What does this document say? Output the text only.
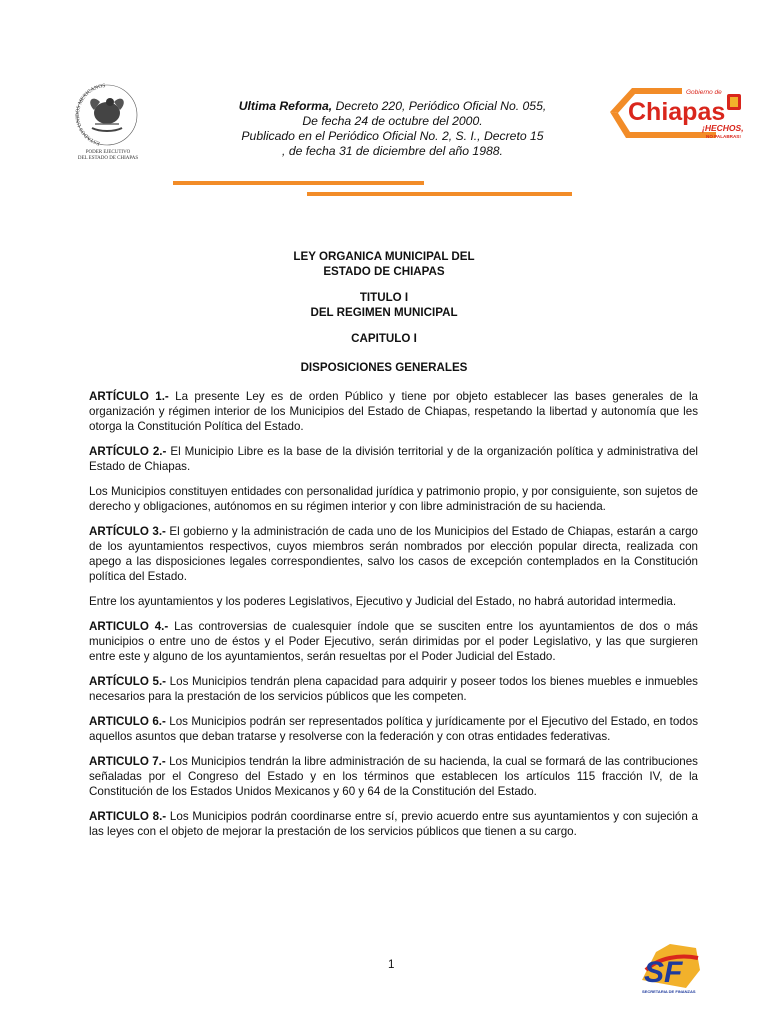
ESTADOS UNIDOS MEXICANOS
PODER EJECUTIVO
DEL ESTADO DE CHIAPAS
Ultima Reforma, Decreto 220, Periódico Oficial No. 055,
De fecha 24 de octubre del 2000.
Publicado en el Periódico Oficial No. 2, S. I., Decreto 15
, de fecha 31 de diciembre del año 1988.
Gobierno de
Chiapas
¡HECHOS,
NO PALABRAS!
LEY ORGANICA MUNICIPAL DEL
ESTADO DE CHIAPAS
TITULO I
DEL REGIMEN MUNICIPAL
CAPITULO I
DISPOSICIONES GENERALES

ARTÍCULO 1.- La presente Ley es de orden Público y tiene por objeto establecer las bases generales de la organización y régimen interior de los Municipios del Estado de Chiapas, respetando la libertad y autonomía que les otorga la Constitución Política del Estado.

ARTÍCULO 2.- El Municipio Libre es la base de la división territorial y de la organización política y administrativa del Estado de Chiapas.

Los Municipios constituyen entidades con personalidad jurídica y patrimonio propio, y por consiguiente, son sujetos de derecho y obligaciones, autónomos en su régimen interior y con libre administración de su hacienda.

ARTÍCULO 3.- El gobierno y la administración de cada uno de los Municipios del Estado de Chiapas, estarán a cargo de los ayuntamientos respectivos, cuyos miembros serán nombrados por elección popular directa, realizada con apego a las disposiciones legales correspondientes, salvo los casos de excepción contemplados en la Constitución política del Estado.

Entre los ayuntamientos y los poderes Legislativos, Ejecutivo y Judicial del Estado, no habrá autoridad intermedia.

ARTICULO 4.- Las controversias de cualesquier índole que se susciten entre los ayuntamientos de dos o más municipios o entre uno de éstos y el Poder Ejecutivo, serán dirimidas por el poder Legislativo, y las que surgieren entre este y alguno de los ayuntamientos, serán resueltas por el Poder Judicial del Estado.

ARTÍCULO 5.- Los Municipios tendrán plena capacidad para adquirir y poseer todos los bienes muebles e inmuebles necesarios para la prestación de los servicios públicos que les competen.

ARTICULO 6.- Los Municipios podrán ser representados política y jurídicamente por el Ejecutivo del Estado, en todos aquellos asuntos que deban tratarse y resolverse con la federación y con otras entidades federativas.

ARTICULO 7.- Los Municipios tendrán la libre administración de su hacienda, la cual se formará de las contribuciones señaladas por el Congreso del Estado y en los términos que establecen los artículos 115 fracción IV, de la Constitución de los Estados Unidos Mexicanos y 60 y 64 de la Constitución del Estado.

ARTICULO 8.- Los Municipios podrán coordinarse entre sí, previo acuerdo entre sus ayuntamientos y con sujeción a las leyes con el objeto de mejorar la prestación de los servicios públicos que tienen a su cargo.

1	SF
SECRETARIA DE FINANZAS
